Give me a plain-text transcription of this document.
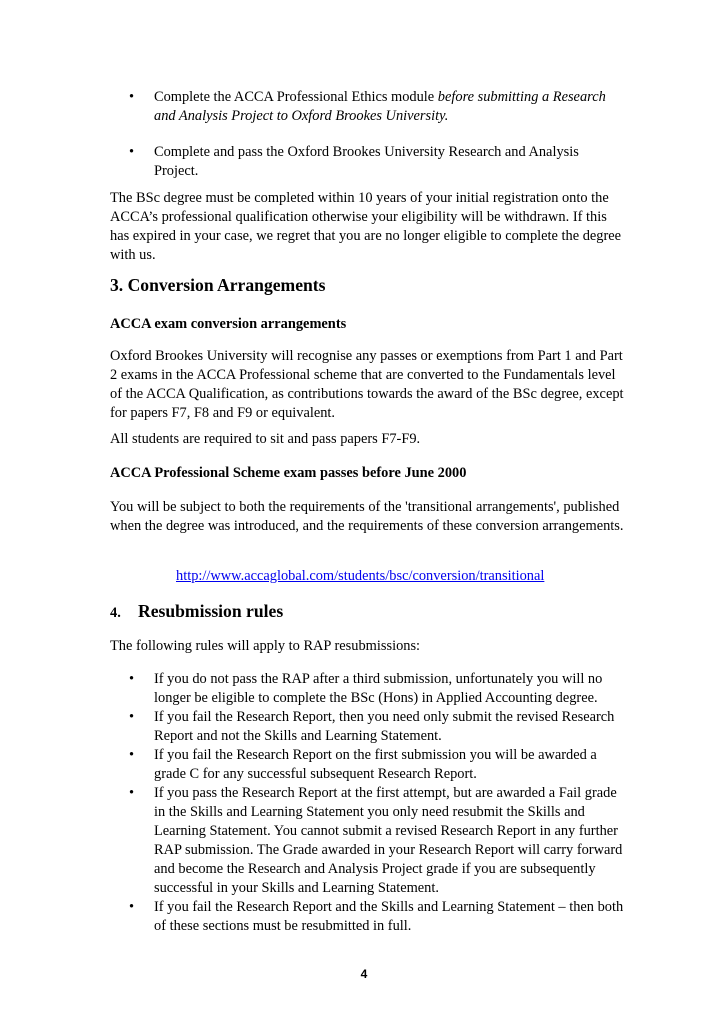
• Complete the ACCA Professional Ethics module before submitting a Research and Analysis Project to Oxford Brookes University.
• Complete and pass the Oxford Brookes University Research and Analysis Project.

The BSc degree must be completed within 10 years of your initial registration onto the ACCA’s professional qualification otherwise your eligibility will be withdrawn. If this has expired in your case, we regret that you are no longer eligible to complete the degree with us.

3. Conversion Arrangements
ACCA exam conversion arrangements

Oxford Brookes University will recognise any passes or exemptions from Part 1 and Part 2 exams in the ACCA Professional scheme that are converted to the Fundamentals level of the ACCA Qualification, as contributions towards the award of the BSc degree, except for papers F7, F8 and F9 or equivalent.

All students are required to sit and pass papers F7-F9.

ACCA Professional Scheme exam passes before June 2000

You will be subject to both the requirements of the 'transitional arrangements', published when the degree was introduced, and the requirements of these conversion arrangements.

http://www.accaglobal.com/students/bsc/conversion/transitional

4. Resubmission rules

The following rules will apply to RAP resubmissions:

• If you do not pass the RAP after a third submission, unfortunately you will no longer be eligible to complete the BSc (Hons) in Applied Accounting degree.
• If you fail the Research Report, then you need only submit the revised Research Report and not the Skills and Learning Statement.
• If you fail the Research Report on the first submission you will be awarded a grade C for any successful subsequent Research Report.
• If you pass the Research Report at the first attempt, but are awarded a Fail grade in the Skills and Learning Statement you only need resubmit the Skills and Learning Statement. You cannot submit a revised Research Report in any further RAP submission. The Grade awarded in your Research Report will carry forward and become the Research and Analysis Project grade if you are subsequently successful in your Skills and Learning Statement.
• If you fail the Research Report and the Skills and Learning Statement – then both of these sections must be resubmitted in full.
4
